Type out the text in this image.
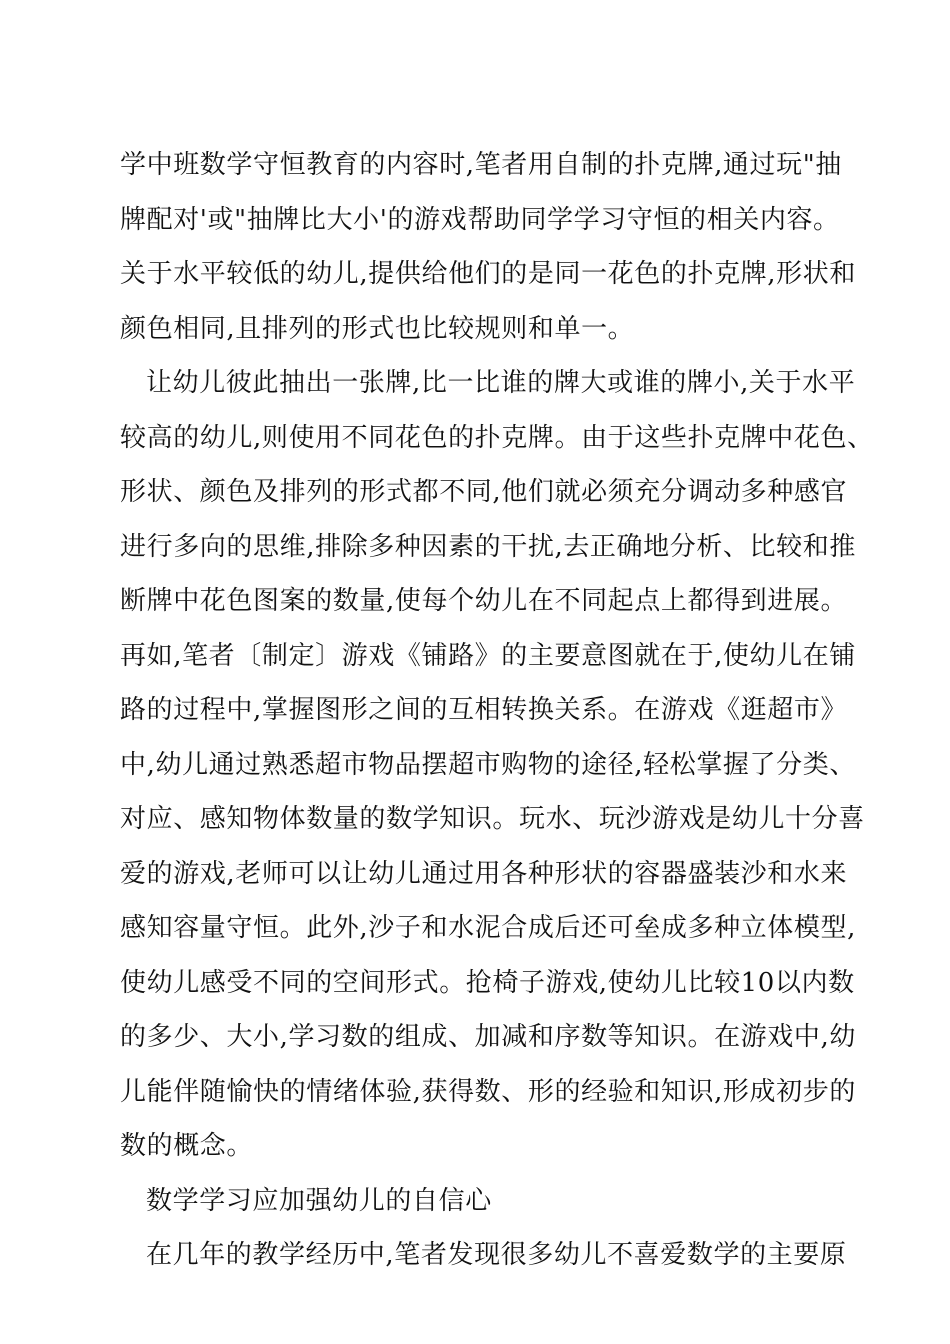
学中班数学守恒教育的内容时,笔者用自制的扑克牌,通过玩"抽
牌配对'或"抽牌比大小'的游戏帮助同学学习守恒的相关内容。
关于水平较低的幼儿,提供给他们的是同一花色的扑克牌,形状和
颜色相同,且排列的形式也比较规则和单一。
让幼儿彼此抽出一张牌,比一比谁的牌大或谁的牌小,关于水平
较高的幼儿,则使用不同花色的扑克牌。由于这些扑克牌中花色、
形状、颜色及排列的形式都不同,他们就必须充分调动多种感官
进行多向的思维,排除多种因素的干扰,去正确地分析、比较和推
断牌中花色图案的数量,使每个幼儿在不同起点上都得到进展。
再如,笔者〔制定〕游戏《铺路》的主要意图就在于,使幼儿在铺
路的过程中,掌握图形之间的互相转换关系。在游戏《逛超市》
中,幼儿通过熟悉超市物品摆超市购物的途径,轻松掌握了分类、
对应、感知物体数量的数学知识。玩水、玩沙游戏是幼儿十分喜
爱的游戏,老师可以让幼儿通过用各种形状的容器盛装沙和水来
感知容量守恒。此外,沙子和水泥合成后还可垒成多种立体模型,
使幼儿感受不同的空间形式。抢椅子游戏,使幼儿比较10以内数
的多少、大小,学习数的组成、加减和序数等知识。在游戏中,幼
儿能伴随愉快的情绪体验,获得数、形的经验和知识,形成初步的
数的概念。
数学学习应加强幼儿的自信心
在几年的教学经历中,笔者发现很多幼儿不喜爱数学的主要原
